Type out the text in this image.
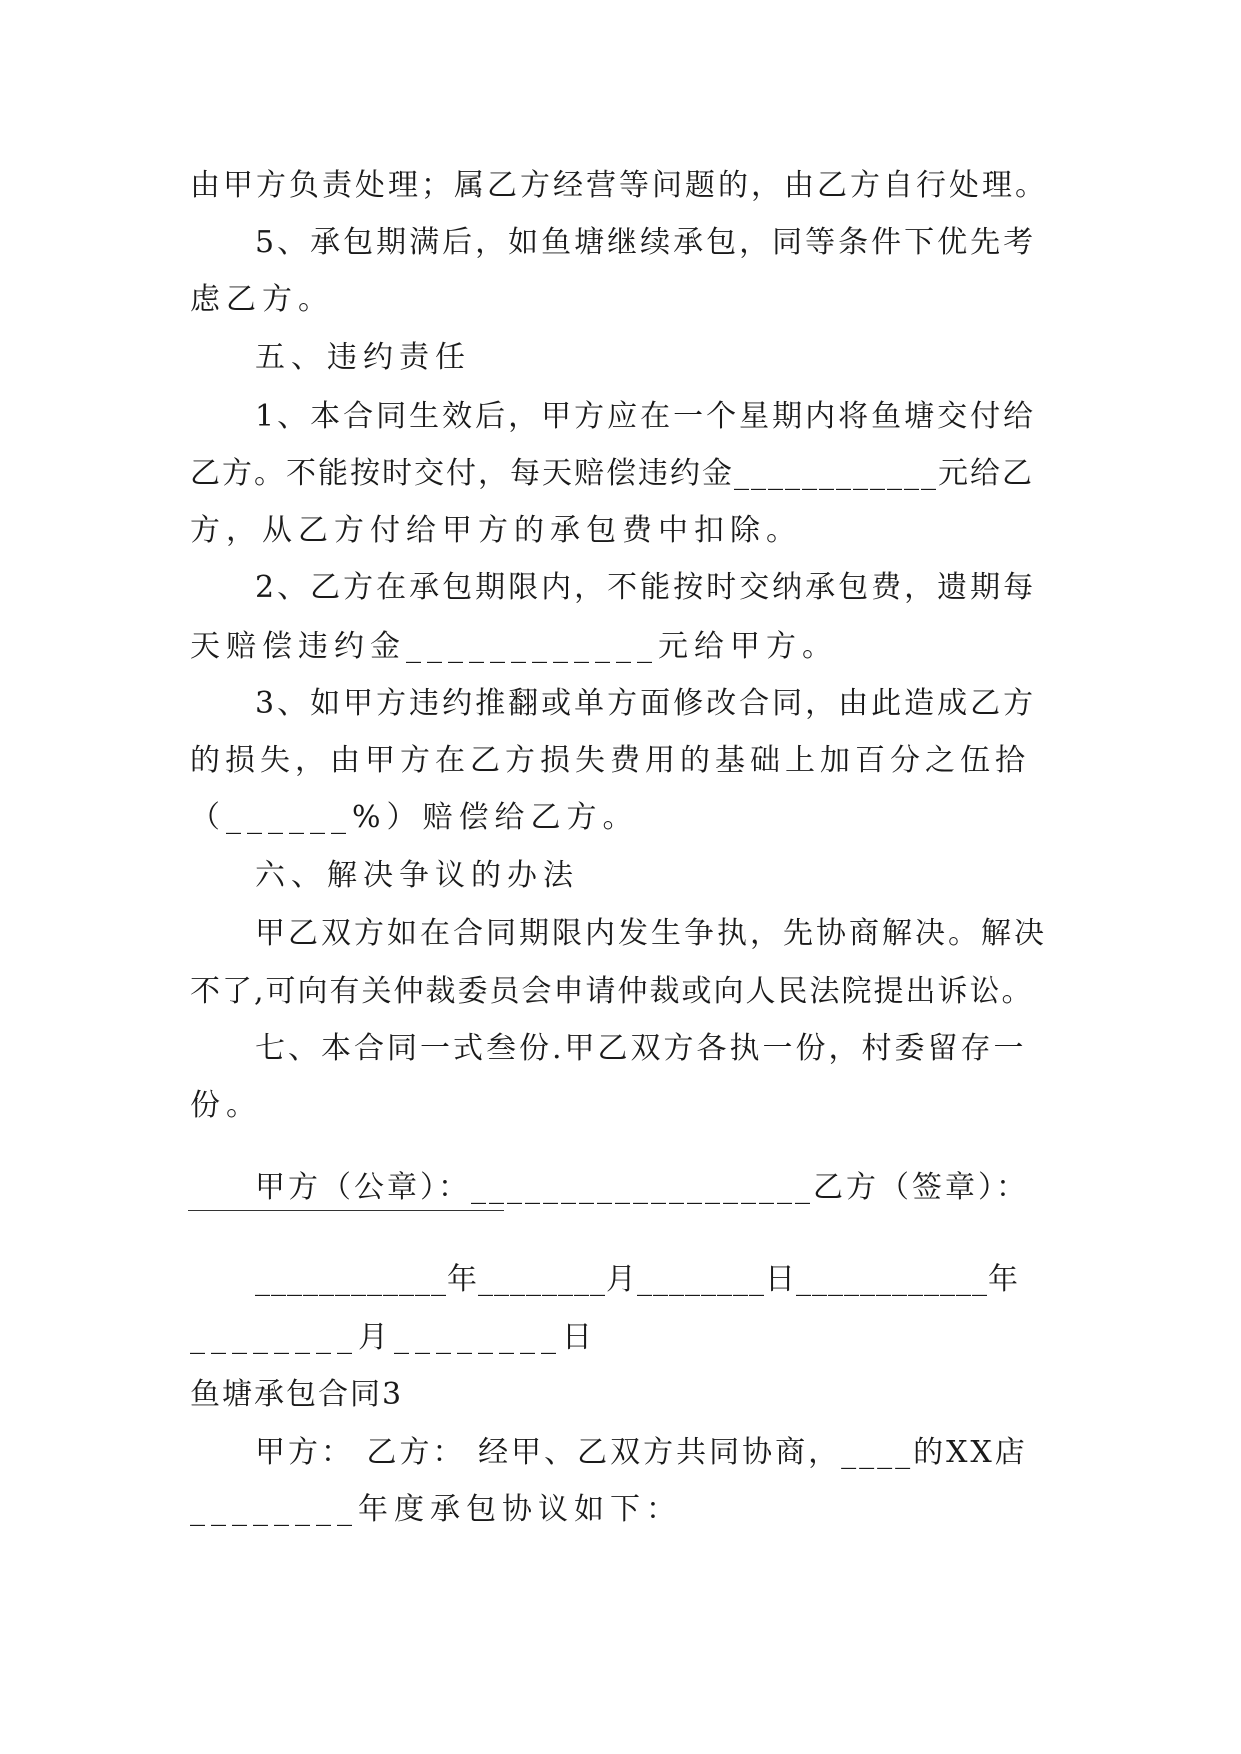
由甲方负责处理；属乙方经营等问题的，由乙方自行处理。
5、承包期满后，如鱼塘继续承包，同等条件下优先考
虑乙方。
五、违约责任
1、本合同生效后，甲方应在一个星期内将鱼塘交付给
乙方。不能按时交付，每天赔偿违约金____________元给乙
方，从乙方付给甲方的承包费中扣除。
2、乙方在承包期限内，不能按时交纳承包费，遗期每
天赔偿违约金____________元给甲方。
3、如甲方违约推翻或单方面修改合同，由此造成乙方
的损失，由甲方在乙方损失费用的基础上加百分之伍拾
（______%）赔偿给乙方。
六、解决争议的办法
甲乙双方如在合同期限内发生争执，先协商解决。解决
不了,可向有关仲裁委员会申请仲裁或向人民法院提出诉讼。
七、本合同一式叁份.甲乙双方各执一份，村委留存一
份。
甲方（公章）：___________________乙方（签章）：
____________年________月________日____________年
________月________日
鱼塘承包合同3
甲方： 乙方： 经甲、乙双方共同协商，____的XX店
________年度承包协议如下：
